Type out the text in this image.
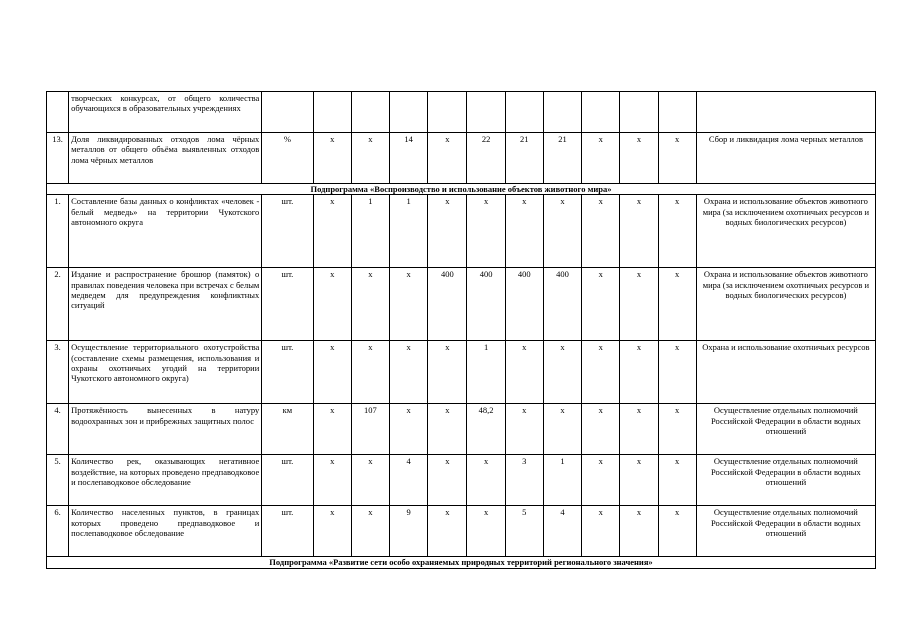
	творческих конкурсах, от общего количества обучающихся в образовательных учреждениях												
13.	Доля ликвидированных отходов лома чёрных металлов от общего объёма выявленных отходов лома чёрных металлов	%	х	х	14	х	22	21	21	х	х	х	Сбор и ликвидация лома черных металлов
Подпрограмма «Воспроизводство и использование объектов животного мира»													
1.	Составление базы данных о конфликтах «человек - белый медведь» на территории Чукотского автономного округа	шт.	х	1	1	х	х	х	х	х	х	х	Охрана и использование объектов животного мира (за исключением охотничьих ресурсов и водных биологических ресурсов)
2.	Издание и распространение брошюр (памяток) о правилах поведения человека при встречах с белым медведем для предупреждения конфликтных ситуаций	шт.	х	х	х	400	400	400	400	х	х	х	Охрана и использование объектов животного мира (за исключением охотничьих ресурсов и водных биологических ресурсов)
3.	Осуществление территориального охотустройства (составление схемы размещения, использования и охраны охотничьих угодий на территории Чукотского автономного округа)	шт.	х	х	х	х	1	х	х	х	х	х	Охрана и использование охотничьих ресурсов
4.	Протяжённость вынесенных в натуру водоохранных зон и прибрежных защитных полос	км	х	107	х	х	48,2	х	х	х	х	х	Осуществление отдельных полномочий Российской Федерации в области водных отношений
5.	Количество рек, оказывающих негативное воздействие, на которых проведено предпаводковое и послепаводковое обследование	шт.	х	х	4	х	х	3	1	х	х	х	Осуществление отдельных полномочий Российской Федерации в области водных отношений
6.	Количество населенных пунктов, в границах которых проведено предпаводковое и послепаводковое обследование	шт.	х	х	9	х	х	5	4	х	х	х	Осуществление отдельных полномочий Российской Федерации в области водных отношений
Подпрограмма «Развитие сети особо охраняемых природных территорий регионального значения»													
